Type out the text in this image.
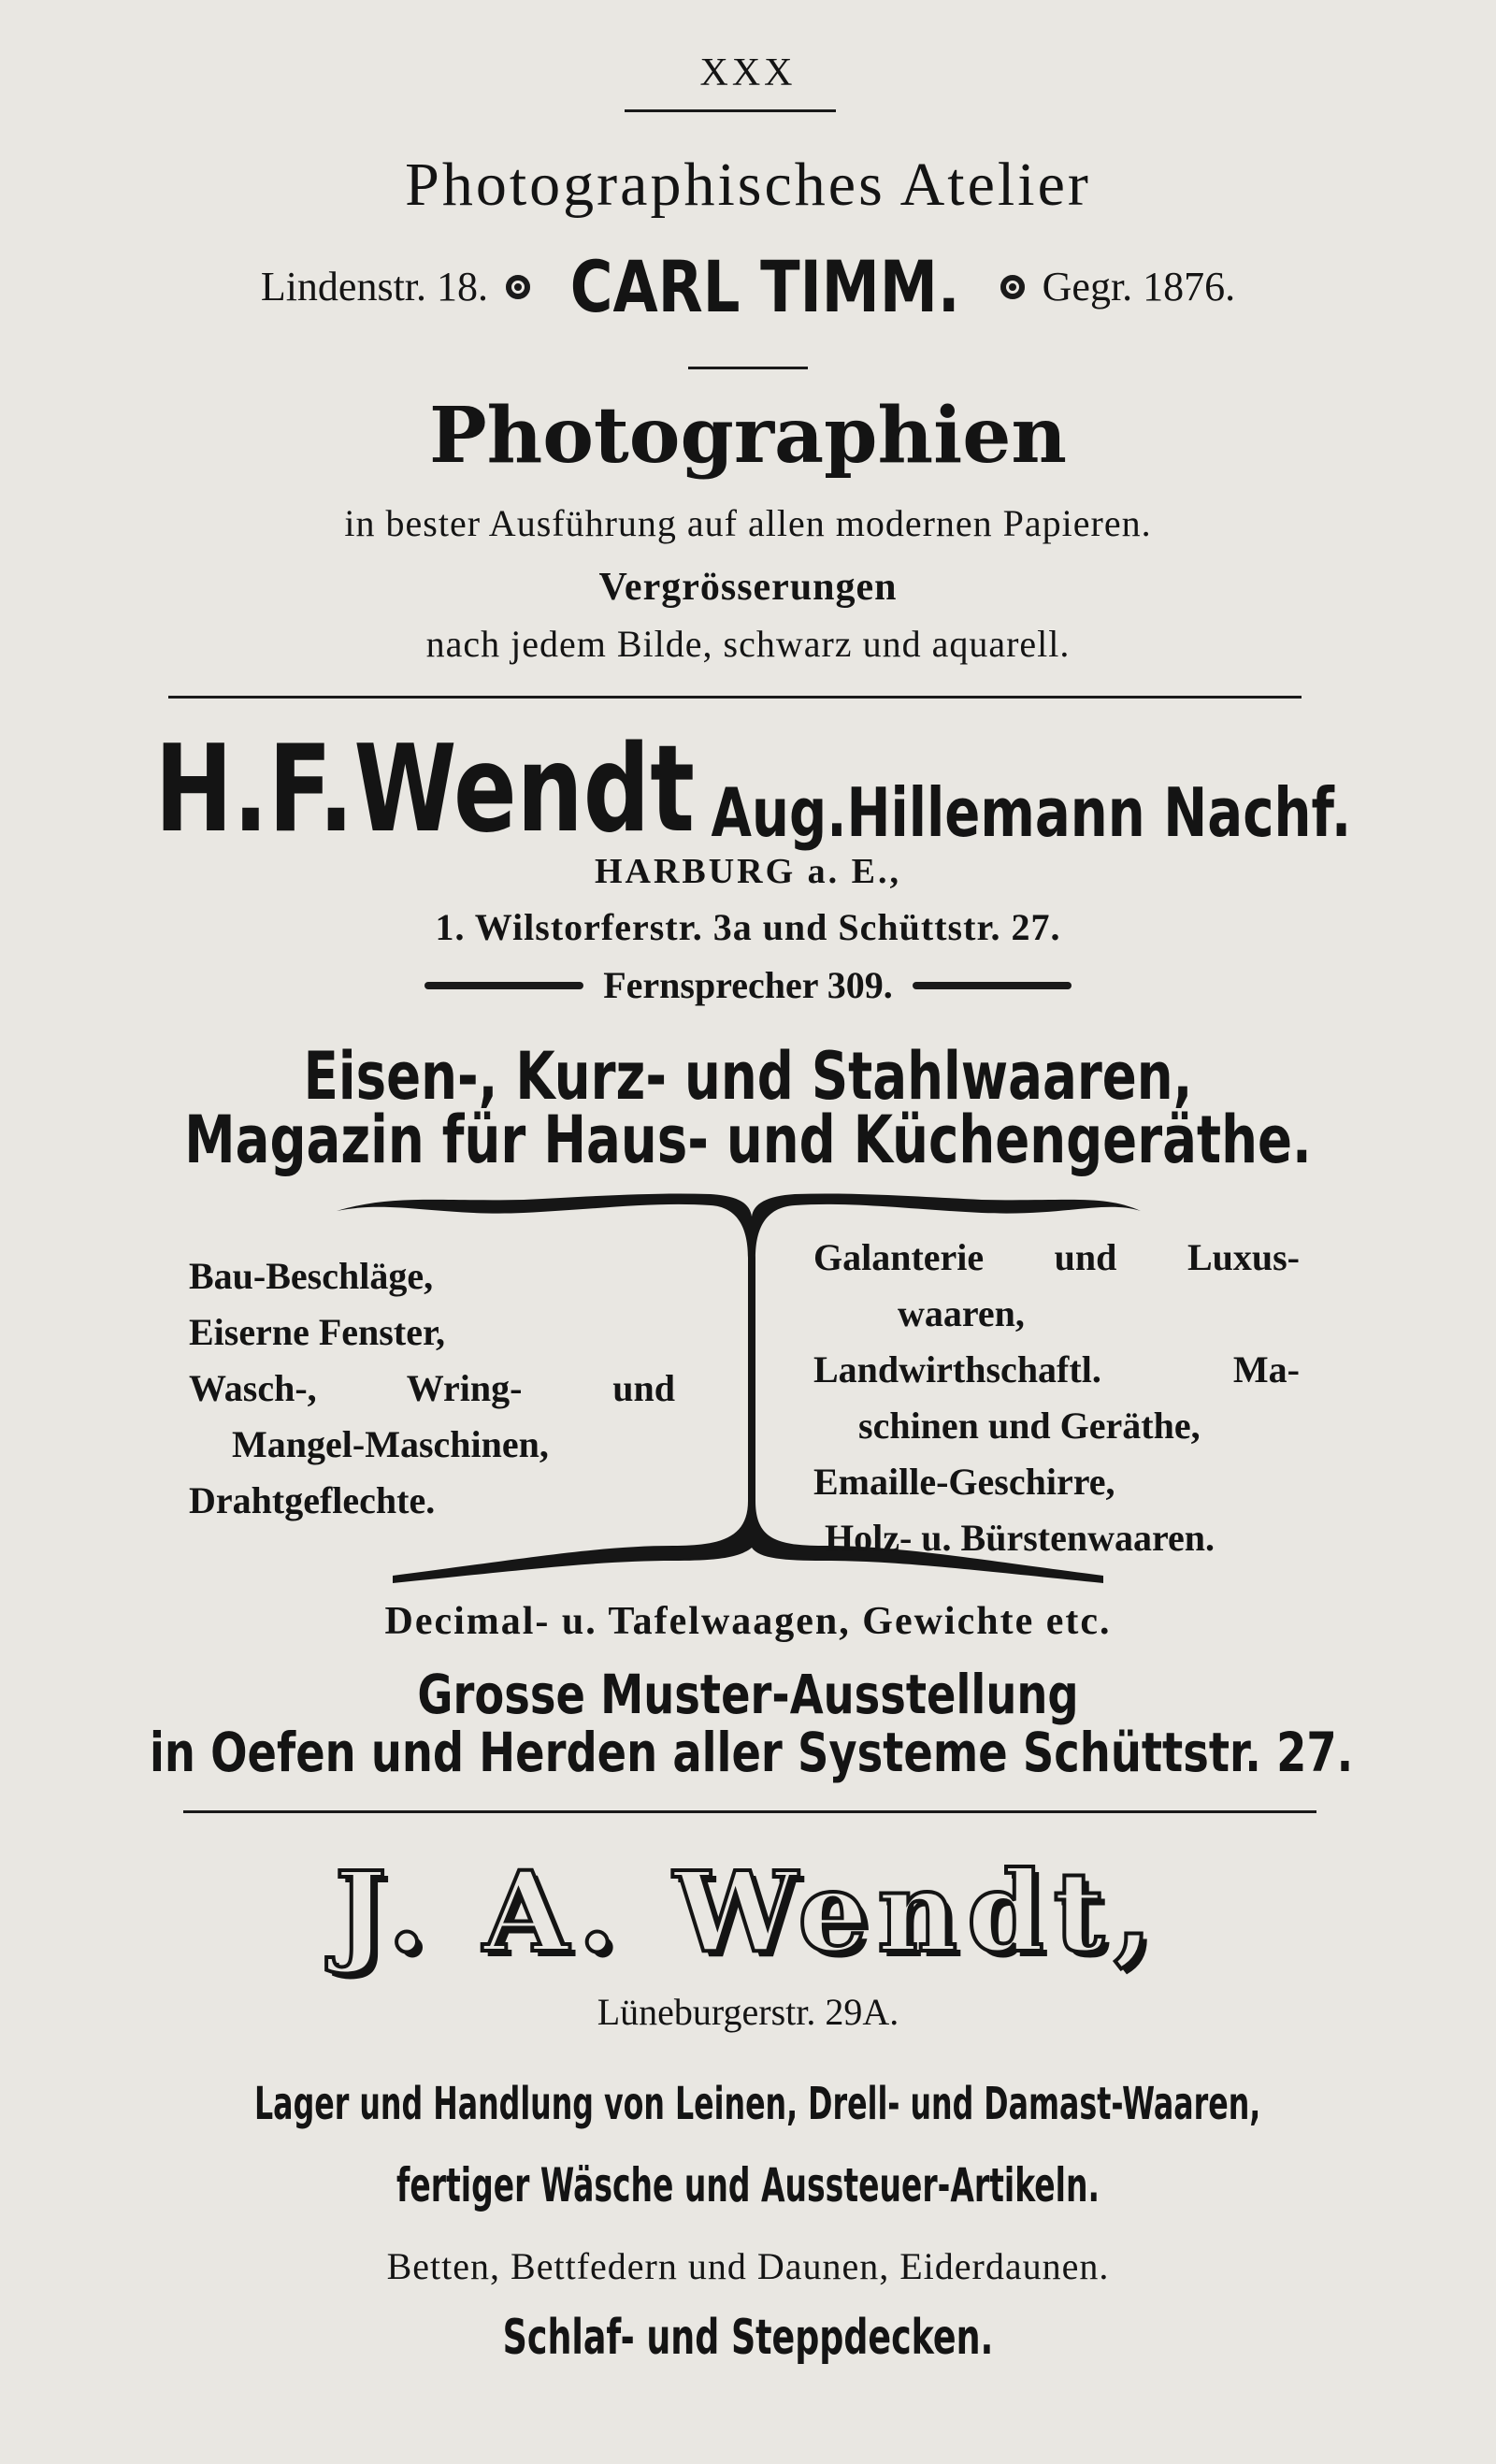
XXX
Photographisches Atelier
Lindenstr. 18. CARL TIMM. Gegr. 1876.
Photographien
in bester Ausführung auf allen modernen Papieren.
Vergrösserungen
nach jedem Bilde, schwarz und aquarell.
H.F.Wendt Aug.Hillemann Nachf.
HARBURG a. E.,
1. Wilstorferstr. 3a und Schüttstr. 27.
Fernsprecher 309.
Eisen-, Kurz- und Stahlwaaren,
Magazin für Haus- und Küchengeräthe.
Bau-Beschläge,
Eiserne Fenster,
Wasch-, Wring- und
Mangel-Maschinen,
Drahtgeflechte.
Galanterie und Luxus-
waaren,
Landwirthschaftl. Ma-
schinen und Geräthe,
Emaille-Geschirre,
Holz- u. Bürstenwaaren.
Decimal- u. Tafelwaagen, Gewichte etc.
Grosse Muster-Ausstellung
in Oefen und Herden aller Systeme Schüttstr. 27.
J. A. Wendt,
Lüneburgerstr. 29A.
Lager und Handlung von Leinen, Drell- und Damast-Waaren,
fertiger Wäsche und Aussteuer-Artikeln.
Betten, Bettfedern und Daunen, Eiderdaunen.
Schlaf- und Steppdecken.
